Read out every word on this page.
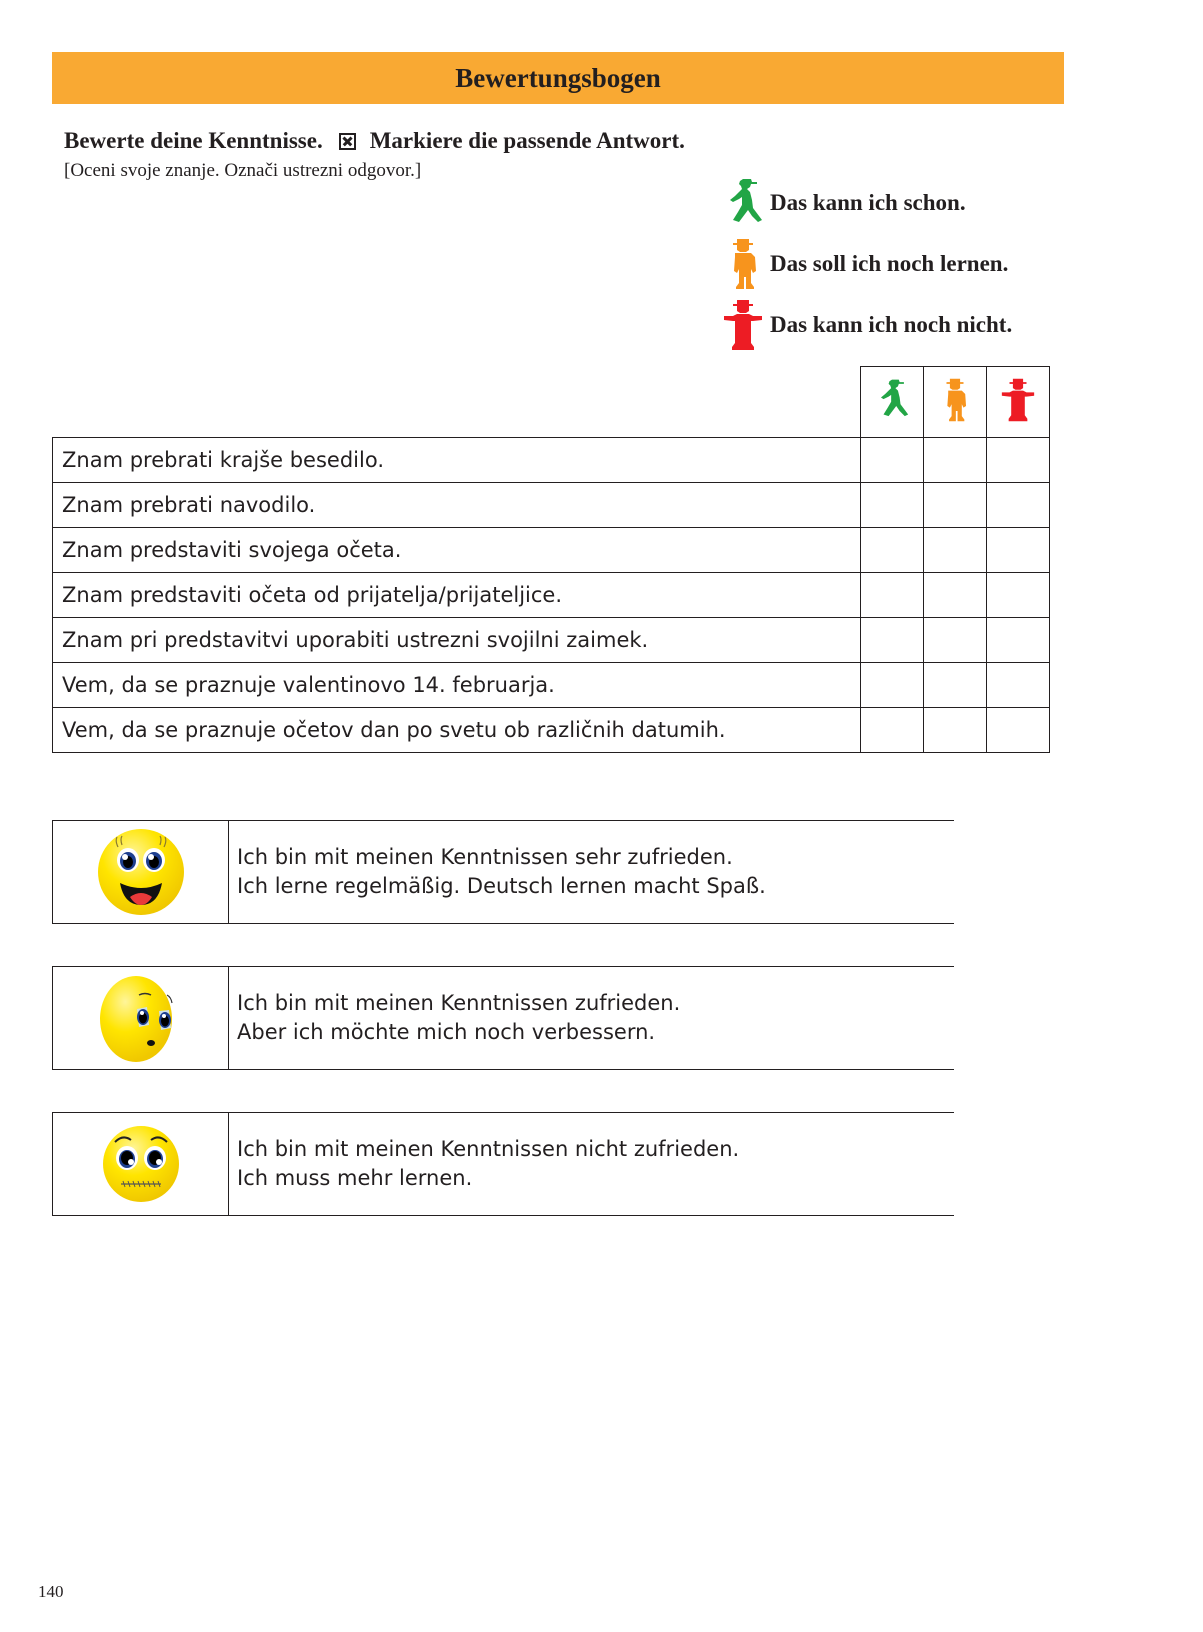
Bewertungsbogen
Bewerte deine Kenntnisse. Markiere die passende Antwort.
[Oceni svoje znanje. Označi ustrezni odgovor.]
Das kann ich schon.
Das soll ich noch lernen.
Das kann ich noch nicht.

Znam prebrati krajše besedilo.			
Znam prebrati navodilo.			
Znam predstaviti svojega očeta.			
Znam predstaviti očeta od prijatelja/prijateljice.			
Znam pri predstavitvi uporabiti ustrezni svojilni zaimek.			
Vem, da se praznuje valentinovo 14. februarja.			
Vem, da se praznuje očetov dan po svetu ob različnih datumih.			
Ich bin mit meinen Kenntnissen sehr zufrieden.
Ich lerne regelmäßig. Deutsch lernen macht Spaß.
Ich bin mit meinen Kenntnissen zufrieden.
Aber ich möchte mich noch verbessern.
Ich bin mit meinen Kenntnissen nicht zufrieden.
Ich muss mehr lernen.
140
